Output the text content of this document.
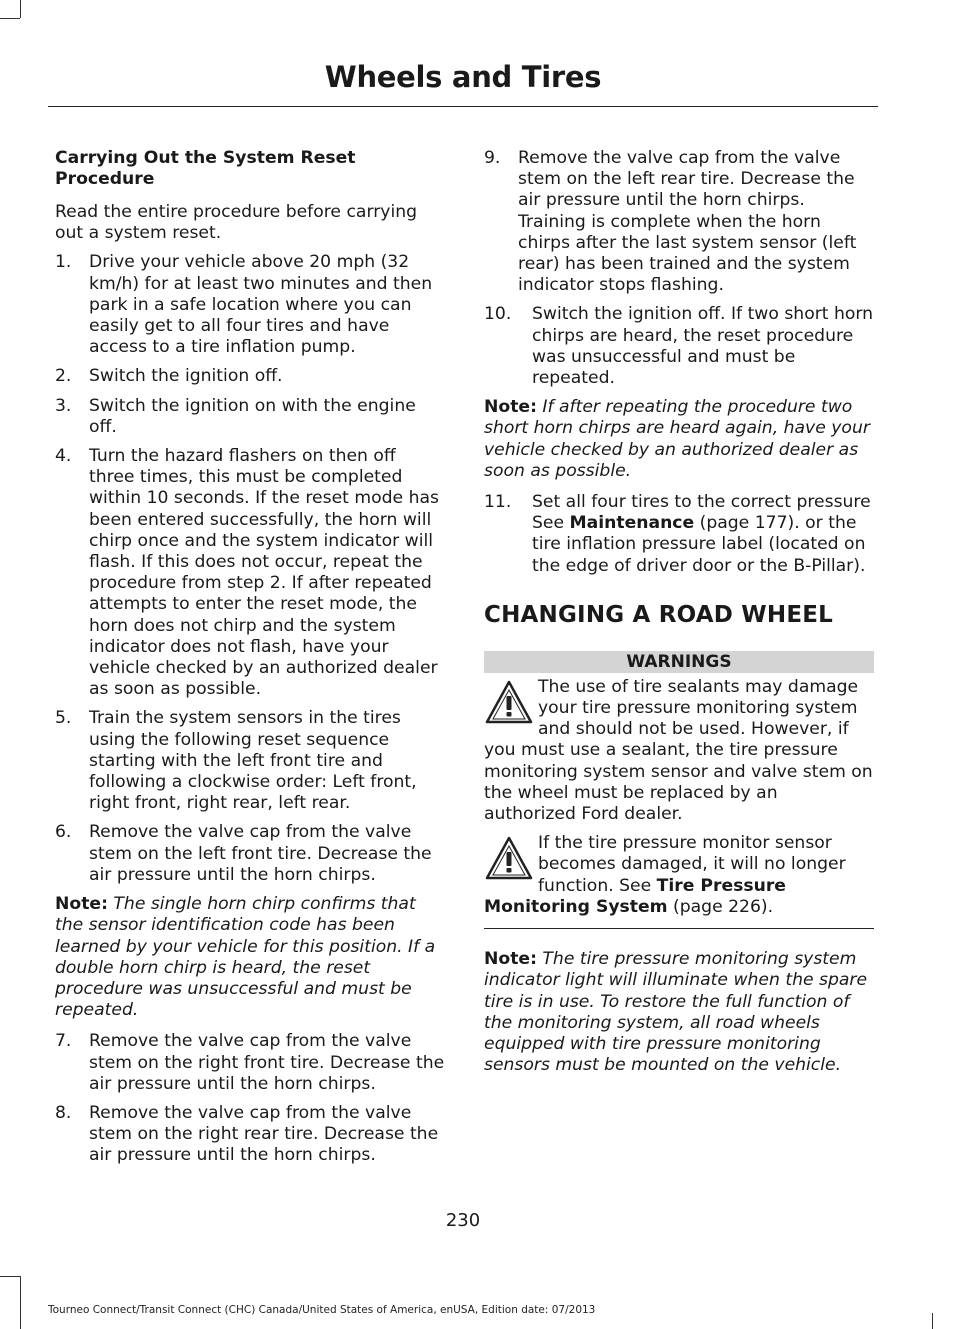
Wheels and Tires
Carrying Out the System Reset Procedure

Read the entire procedure before carrying out a system reset.

1. Drive your vehicle above 20 mph (32 km/h) for at least two minutes and then park in a safe location where you can easily get to all four tires and have access to a tire inflation pump.
2. Switch the ignition off.
3. Switch the ignition on with the engine off.
4. Turn the hazard flashers on then off three times, this must be completed within 10 seconds. If the reset mode has been entered successfully, the horn will chirp once and the system indicator will flash. If this does not occur, repeat the procedure from step 2. If after repeated attempts to enter the reset mode, the horn does not chirp and the system indicator does not flash, have your vehicle checked by an authorized dealer as soon as possible.
5. Train the system sensors in the tires using the following reset sequence starting with the left front tire and following a clockwise order: Left front, right front, right rear, left rear.
6. Remove the valve cap from the valve stem on the left front tire. Decrease the air pressure until the horn chirps.

Note: The single horn chirp confirms that the sensor identification code has been learned by your vehicle for this position. If a double horn chirp is heard, the reset procedure was unsuccessful and must be repeated.

7. Remove the valve cap from the valve stem on the right front tire. Decrease the air pressure until the horn chirps.
8. Remove the valve cap from the valve stem on the right rear tire. Decrease the air pressure until the horn chirps.
9. Remove the valve cap from the valve stem on the left rear tire. Decrease the air pressure until the horn chirps. Training is complete when the horn chirps after the last system sensor (left rear) has been trained and the system indicator stops flashing.
10. Switch the ignition off. If two short horn chirps are heard, the reset procedure was unsuccessful and must be repeated.

Note: If after repeating the procedure two short horn chirps are heard again, have your vehicle checked by an authorized dealer as soon as possible.

11. Set all four tires to the correct pressure See Maintenance (page 177). or the tire inflation pressure label (located on the edge of driver door or the B-Pillar).
CHANGING A ROAD WHEEL
WARNINGS
The use of tire sealants may damage your tire pressure monitoring system and should not be used. However, if you must use a sealant, the tire pressure monitoring system sensor and valve stem on the wheel must be replaced by an authorized Ford dealer.
If the tire pressure monitor sensor becomes damaged, it will no longer function. See Tire Pressure Monitoring System (page 226).

Note: The tire pressure monitoring system indicator light will illuminate when the spare tire is in use. To restore the full function of the monitoring system, all road wheels equipped with tire pressure monitoring sensors must be mounted on the vehicle.

230
Tourneo Connect/Transit Connect (CHC) Canada/United States of America, enUSA, Edition date: 07/2013
